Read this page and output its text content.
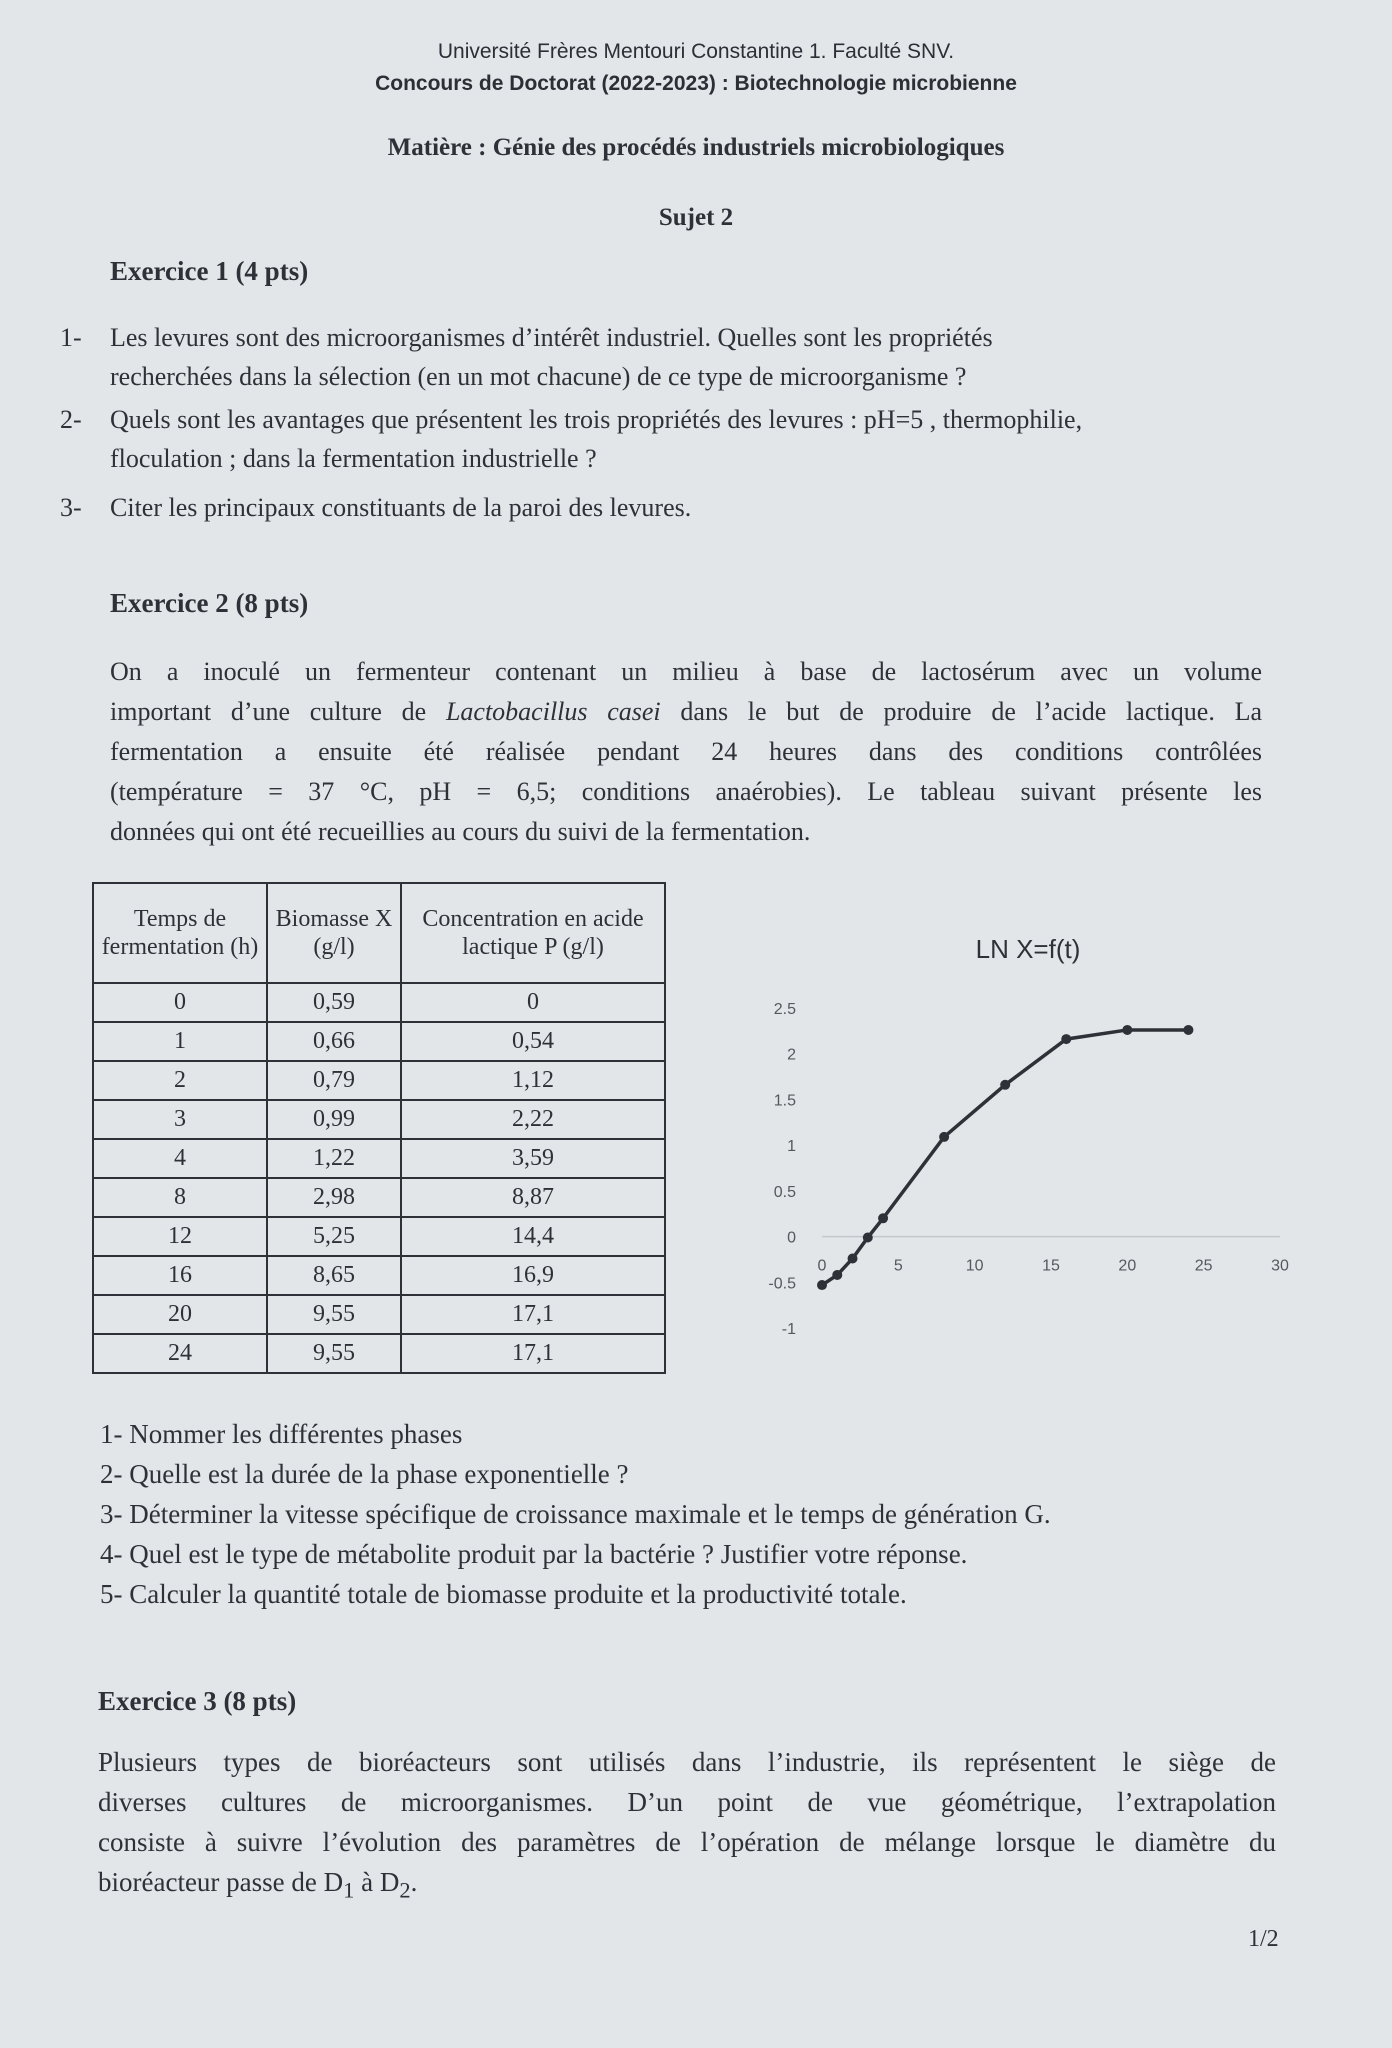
Université Frères Mentouri Constantine 1. Faculté SNV.
Concours de Doctorat (2022-2023) : Biotechnologie microbienne
Matière : Génie des procédés industriels microbiologiques
Sujet 2
Exercice 1 (4 pts)
1- Les levures sont des microorganismes d’intérêt industriel. Quelles sont les propriétés
recherchées dans la sélection (en un mot chacune) de ce type de microorganisme ?
2- Quels sont les avantages que présentent les trois propriétés des levures : pH=5 , thermophilie,
floculation ; dans la fermentation industrielle ?
3- Citer les principaux constituants de la paroi des levures.
Exercice 2 (8 pts)
On a inoculé un fermenteur contenant un milieu à base de lactosérum avec un volume
important d’une culture de Lactobacillus casei dans le but de produire de l’acide lactique. La
fermentation a ensuite été réalisée pendant 24 heures dans des conditions contrôlées
(température = 37 °C, pH = 6,5; conditions anaérobies). Le tableau suivant présente les
données qui ont été recueillies au cours du suivi de la fermentation.
Temps de fermentation (h)	Biomasse X (g/l)	Concentration en acide lactique P (g/l)
0	0,59	0
1	0,66	0,54
2	0,79	1,12
3	0,99	2,22
4	1,22	3,59
8	2,98	8,87
12	5,25	14,4
16	8,65	16,9
20	9,55	17,1
24	9,55	17,1
LN X=f(t)
0	5	10	15	20	25	30
2.5
2
1.5
1
0.5
0
-0.5
-1
1- Nommer les différentes phases
2- Quelle est la durée de la phase exponentielle ?
3- Déterminer la vitesse spécifique de croissance maximale et le temps de génération G.
4- Quel est le type de métabolite produit par la bactérie ? Justifier votre réponse.
5- Calculer la quantité totale de biomasse produite et la productivité totale.
Exercice 3 (8 pts)
Plusieurs types de bioréacteurs sont utilisés dans l’industrie, ils représentent le siège de
diverses cultures de microorganismes. D’un point de vue géométrique, l’extrapolation
consiste à suivre l’évolution des paramètres de l’opération de mélange lorsque le diamètre du
bioréacteur passe de $D_1$ à $D_2$.
1/2
